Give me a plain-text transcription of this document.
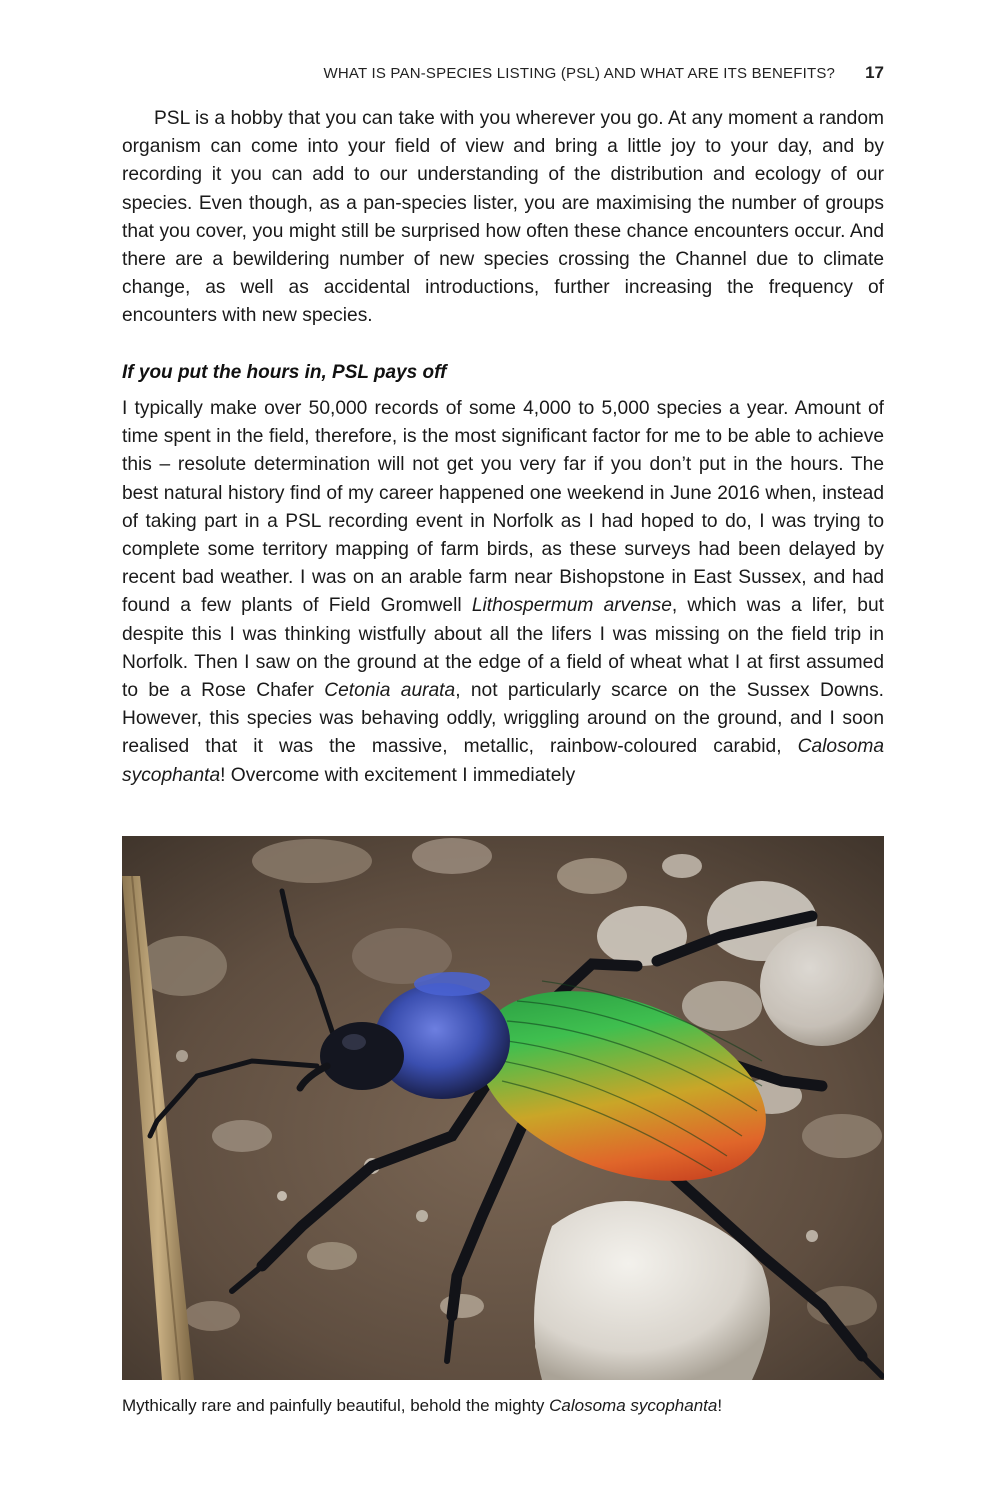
WHAT IS PAN-SPECIES LISTING (PSL) AND WHAT ARE ITS BENEFITS? 17
PSL is a hobby that you can take with you wherever you go. At any moment a random organism can come into your field of view and bring a little joy to your day, and by recording it you can add to our understanding of the distribution and ecology of our species. Even though, as a pan-species lister, you are maximising the number of groups that you cover, you might still be surprised how often these chance encounters occur. And there are a bewildering number of new species crossing the Channel due to climate change, as well as accidental introductions, further increasing the frequency of encounters with new species.
If you put the hours in, PSL pays off
I typically make over 50,000 records of some 4,000 to 5,000 species a year. Amount of time spent in the field, therefore, is the most significant factor for me to be able to achieve this – resolute determination will not get you very far if you don’t put in the hours. The best natural history find of my career happened one weekend in June 2016 when, instead of taking part in a PSL recording event in Norfolk as I had hoped to do, I was trying to complete some territory mapping of farm birds, as these surveys had been delayed by recent bad weather. I was on an arable farm near Bishopstone in East Sussex, and had found a few plants of Field Gromwell Lithospermum arvense, which was a lifer, but despite this I was thinking wistfully about all the lifers I was missing on the field trip in Norfolk. Then I saw on the ground at the edge of a field of wheat what I at first assumed to be a Rose Chafer Cetonia aurata, not particularly scarce on the Sussex Downs. However, this species was behaving oddly, wriggling around on the ground, and I soon realised that it was the massive, metallic, rainbow-coloured carabid, Calosoma sycophanta! Overcome with excitement I immediately
Mythically rare and painfully beautiful, behold the mighty Calosoma sycophanta!
